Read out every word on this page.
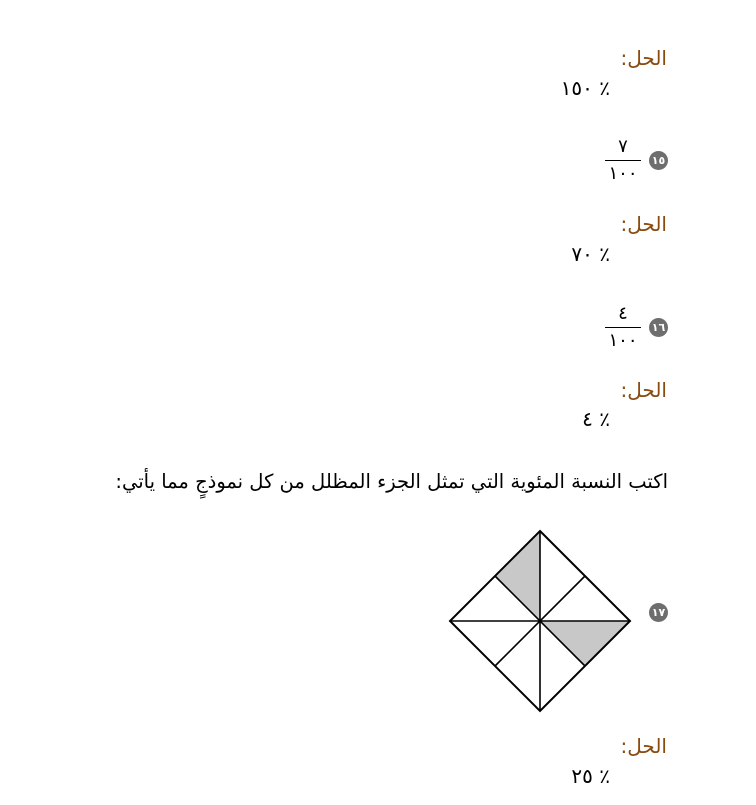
الحل:
٪ ١٥٠
١٥
٧
١٠٠
الحل:
٪ ٧٠
١٦
٤
١٠٠
الحل:
٪ ٤
اكتب النسبة المئوية التي تمثل الجزء المظلل من كل نموذجٍ مما يأتي:
١٧
الحل:
٪ ٢٥
